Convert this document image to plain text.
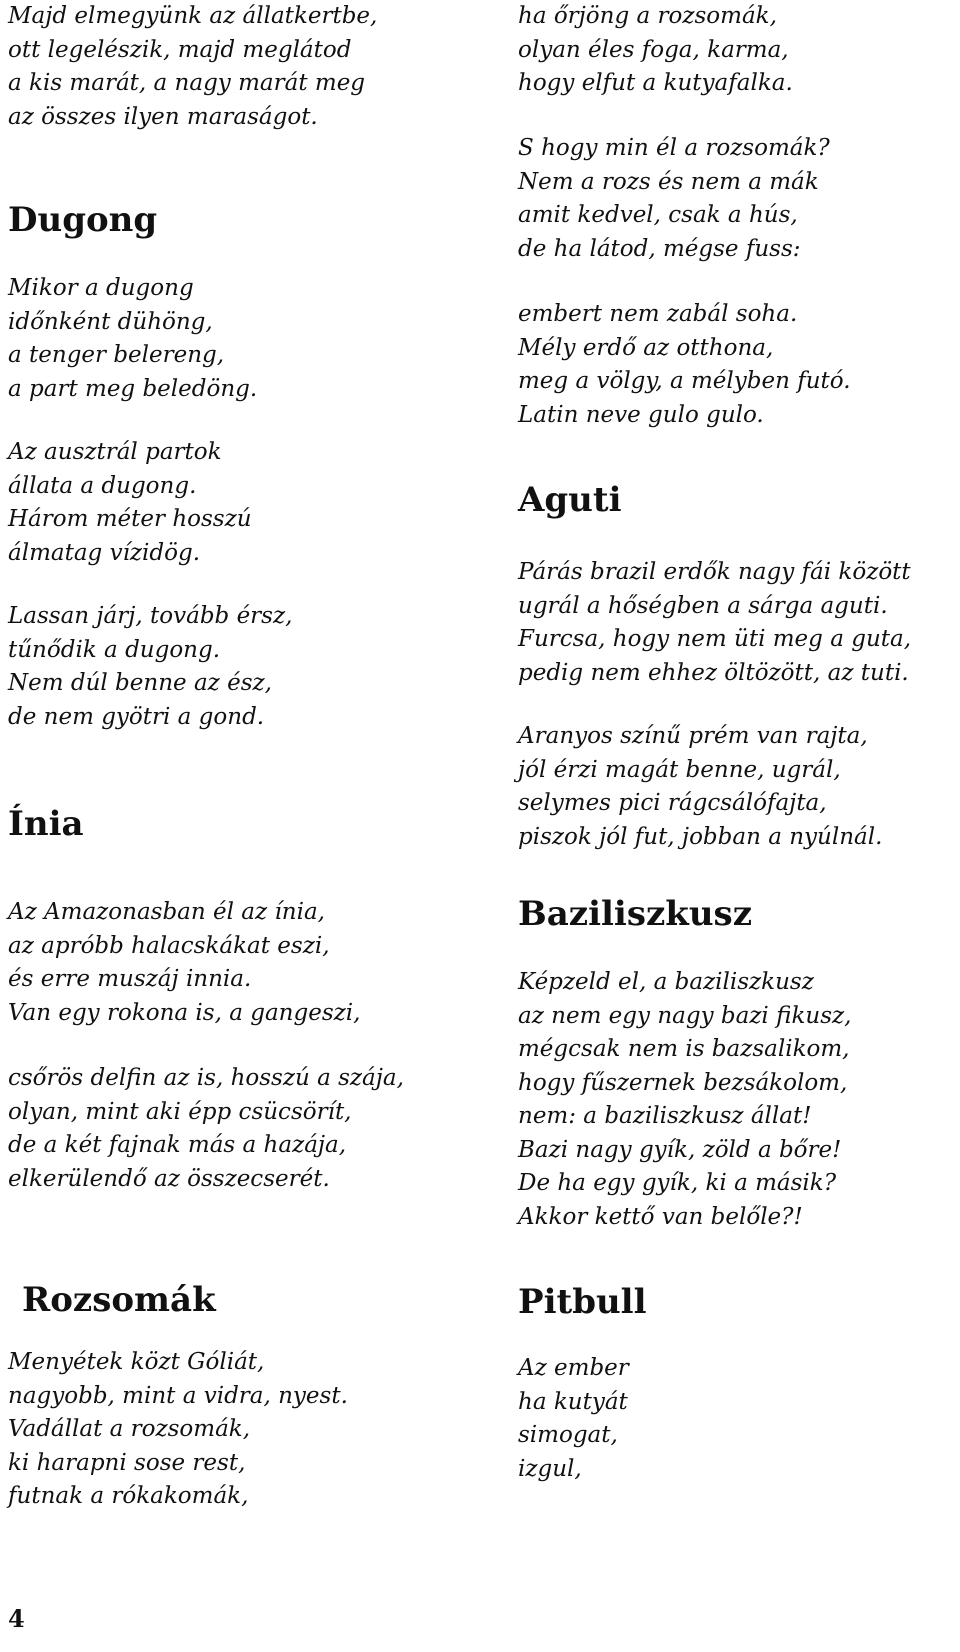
Majd elmegyünk az állatkertbe,

ott legelészik, majd meglátod

a kis marát, a nagy marát meg

az összes ilyen maraságot.

Dugong

Mikor a dugong

időnként dühöng,

a tenger belereng,

a part meg beledöng.

Az ausztrál partok

állata a dugong.

Három méter hosszú

álmatag vízidög.

Lassan járj, tovább érsz,

tűnődik a dugong.

Nem dúl benne az ész,

de nem gyötri a gond.

Ínia

Az Amazonasban él az ínia,

az apróbb halacskákat eszi,

és erre muszáj innia.

Van egy rokona is, a gangeszi,

csőrös delfin az is, hosszú a szája,

olyan, mint aki épp csücsörít,

de a két fajnak más a hazája,

elkerülendő az összecserét.

Rozsomák

Menyétek közt Góliát,

nagyobb, mint a vidra, nyest.

Vadállat a rozsomák,

ki harapni sose rest,

futnak a rókakomák,

ha őrjöng a rozsomák,

olyan éles foga, karma,

hogy elfut a kutyafalka.

S hogy min él a rozsomák?

Nem a rozs és nem a mák

amit kedvel, csak a hús,

de ha látod, mégse fuss:

embert nem zabál soha.

Mély erdő az otthona,

meg a völgy, a mélyben futó.

Latin neve gulo gulo.

Aguti

Párás brazil erdők nagy fái között

ugrál a hőségben a sárga aguti.

Furcsa, hogy nem üti meg a guta,

pedig nem ehhez öltözött, az tuti.

Aranyos színű prém van rajta,

jól érzi magát benne, ugrál,

selymes pici rágcsálófajta,

piszok jól fut, jobban a nyúlnál.

Baziliszkusz

Képzeld el, a baziliszkusz

az nem egy nagy bazi fikusz,

mégcsak nem is bazsalikom,

hogy fűszernek bezsákolom,

nem: a baziliszkusz állat!

Bazi nagy gyík, zöld a bőre!

De ha egy gyík, ki a másik?

Akkor kettő van belőle?!

Pitbull

Az ember

ha kutyát

simogat,

izgul,

4
